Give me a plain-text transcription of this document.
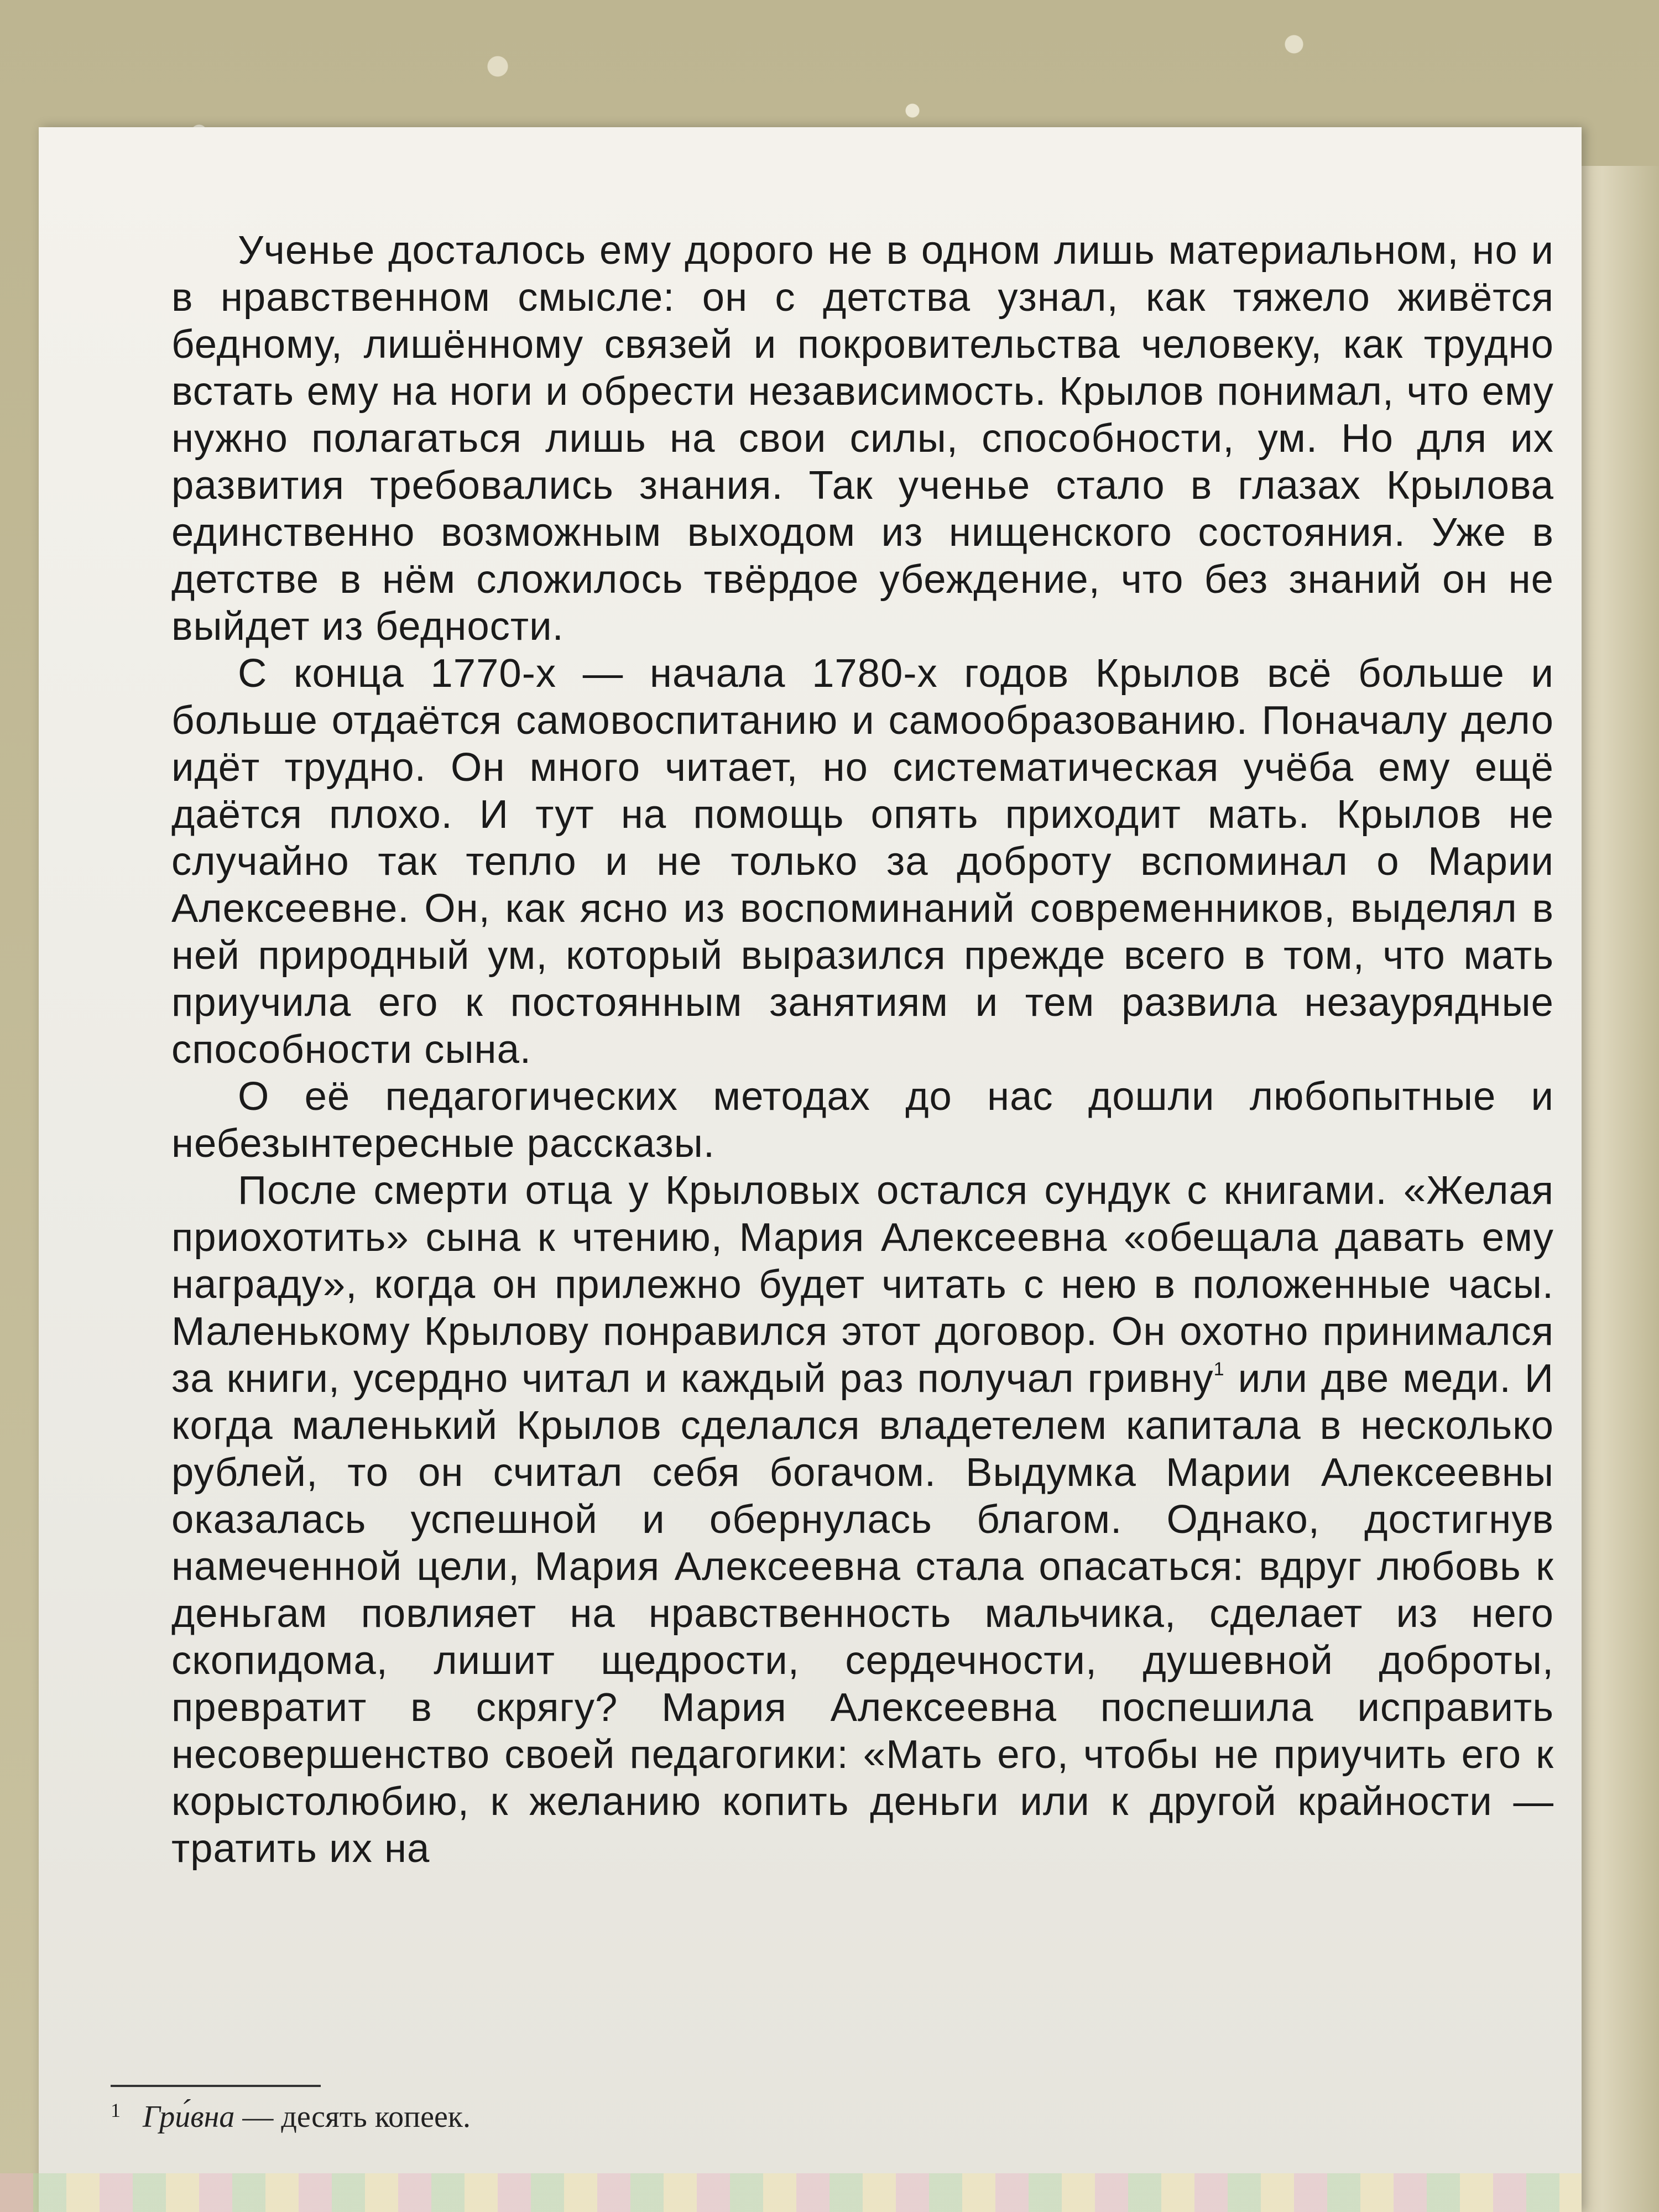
Ученье досталось ему дорого не в одном лишь материальном, но и в нравственном смысле: он с детства узнал, как тяжело живётся бедному, лишённому связей и покровительства человеку, как трудно встать ему на ноги и обрести независимость. Крылов понимал, что ему нужно полагаться лишь на свои силы, способности, ум. Но для их развития требовались знания. Так ученье стало в глазах Крылова единственно возможным выходом из нищенского состояния. Уже в детстве в нём сложилось твёрдое убеждение, что без знаний он не выйдет из бедности.

С конца 1770-х — начала 1780-х годов Крылов всё больше и больше отдаётся самовоспитанию и самообразованию. Поначалу дело идёт трудно. Он много читает, но систематическая учёба ему ещё даётся плохо. И тут на помощь опять приходит мать. Крылов не случайно так тепло и не только за доброту вспоминал о Марии Алексеевне. Он, как ясно из воспоминаний современников, выделял в ней природный ум, который выразился прежде всего в том, что мать приучила его к постоянным занятиям и тем развила незаурядные способности сына.

О её педагогических методах до нас дошли любопытные и небезынтересные рассказы.

После смерти отца у Крыловых остался сундук с книгами. «Желая приохотить» сына к чтению, Мария Алексеевна «обещала давать ему награду», когда он прилежно будет читать с нею в положенные часы. Маленькому Крылову понравился этот договор. Он охотно принимался за книги, усердно читал и каждый раз получал гривну$^1$ или две меди. И когда маленький Крылов сделался владетелем капитала в несколько рублей, то он считал себя богачом. Выдумка Марии Алексеевны оказалась успешной и обернулась благом. Однако, достигнув намеченной цели, Мария Алексеевна стала опасаться: вдруг любовь к деньгам повлияет на нравственность мальчика, сделает из него скопидома, лишит щедрости, сердечности, душевной доброты, превратит в скрягу? Мария Алексеевна поспешила исправить несовершенство своей педагогики: «Мать его, чтобы не приучить его к корыстолюбию, к желанию копить деньги или к другой крайности — тратить их на

$^1$ Гри́вна — десять копеек.
